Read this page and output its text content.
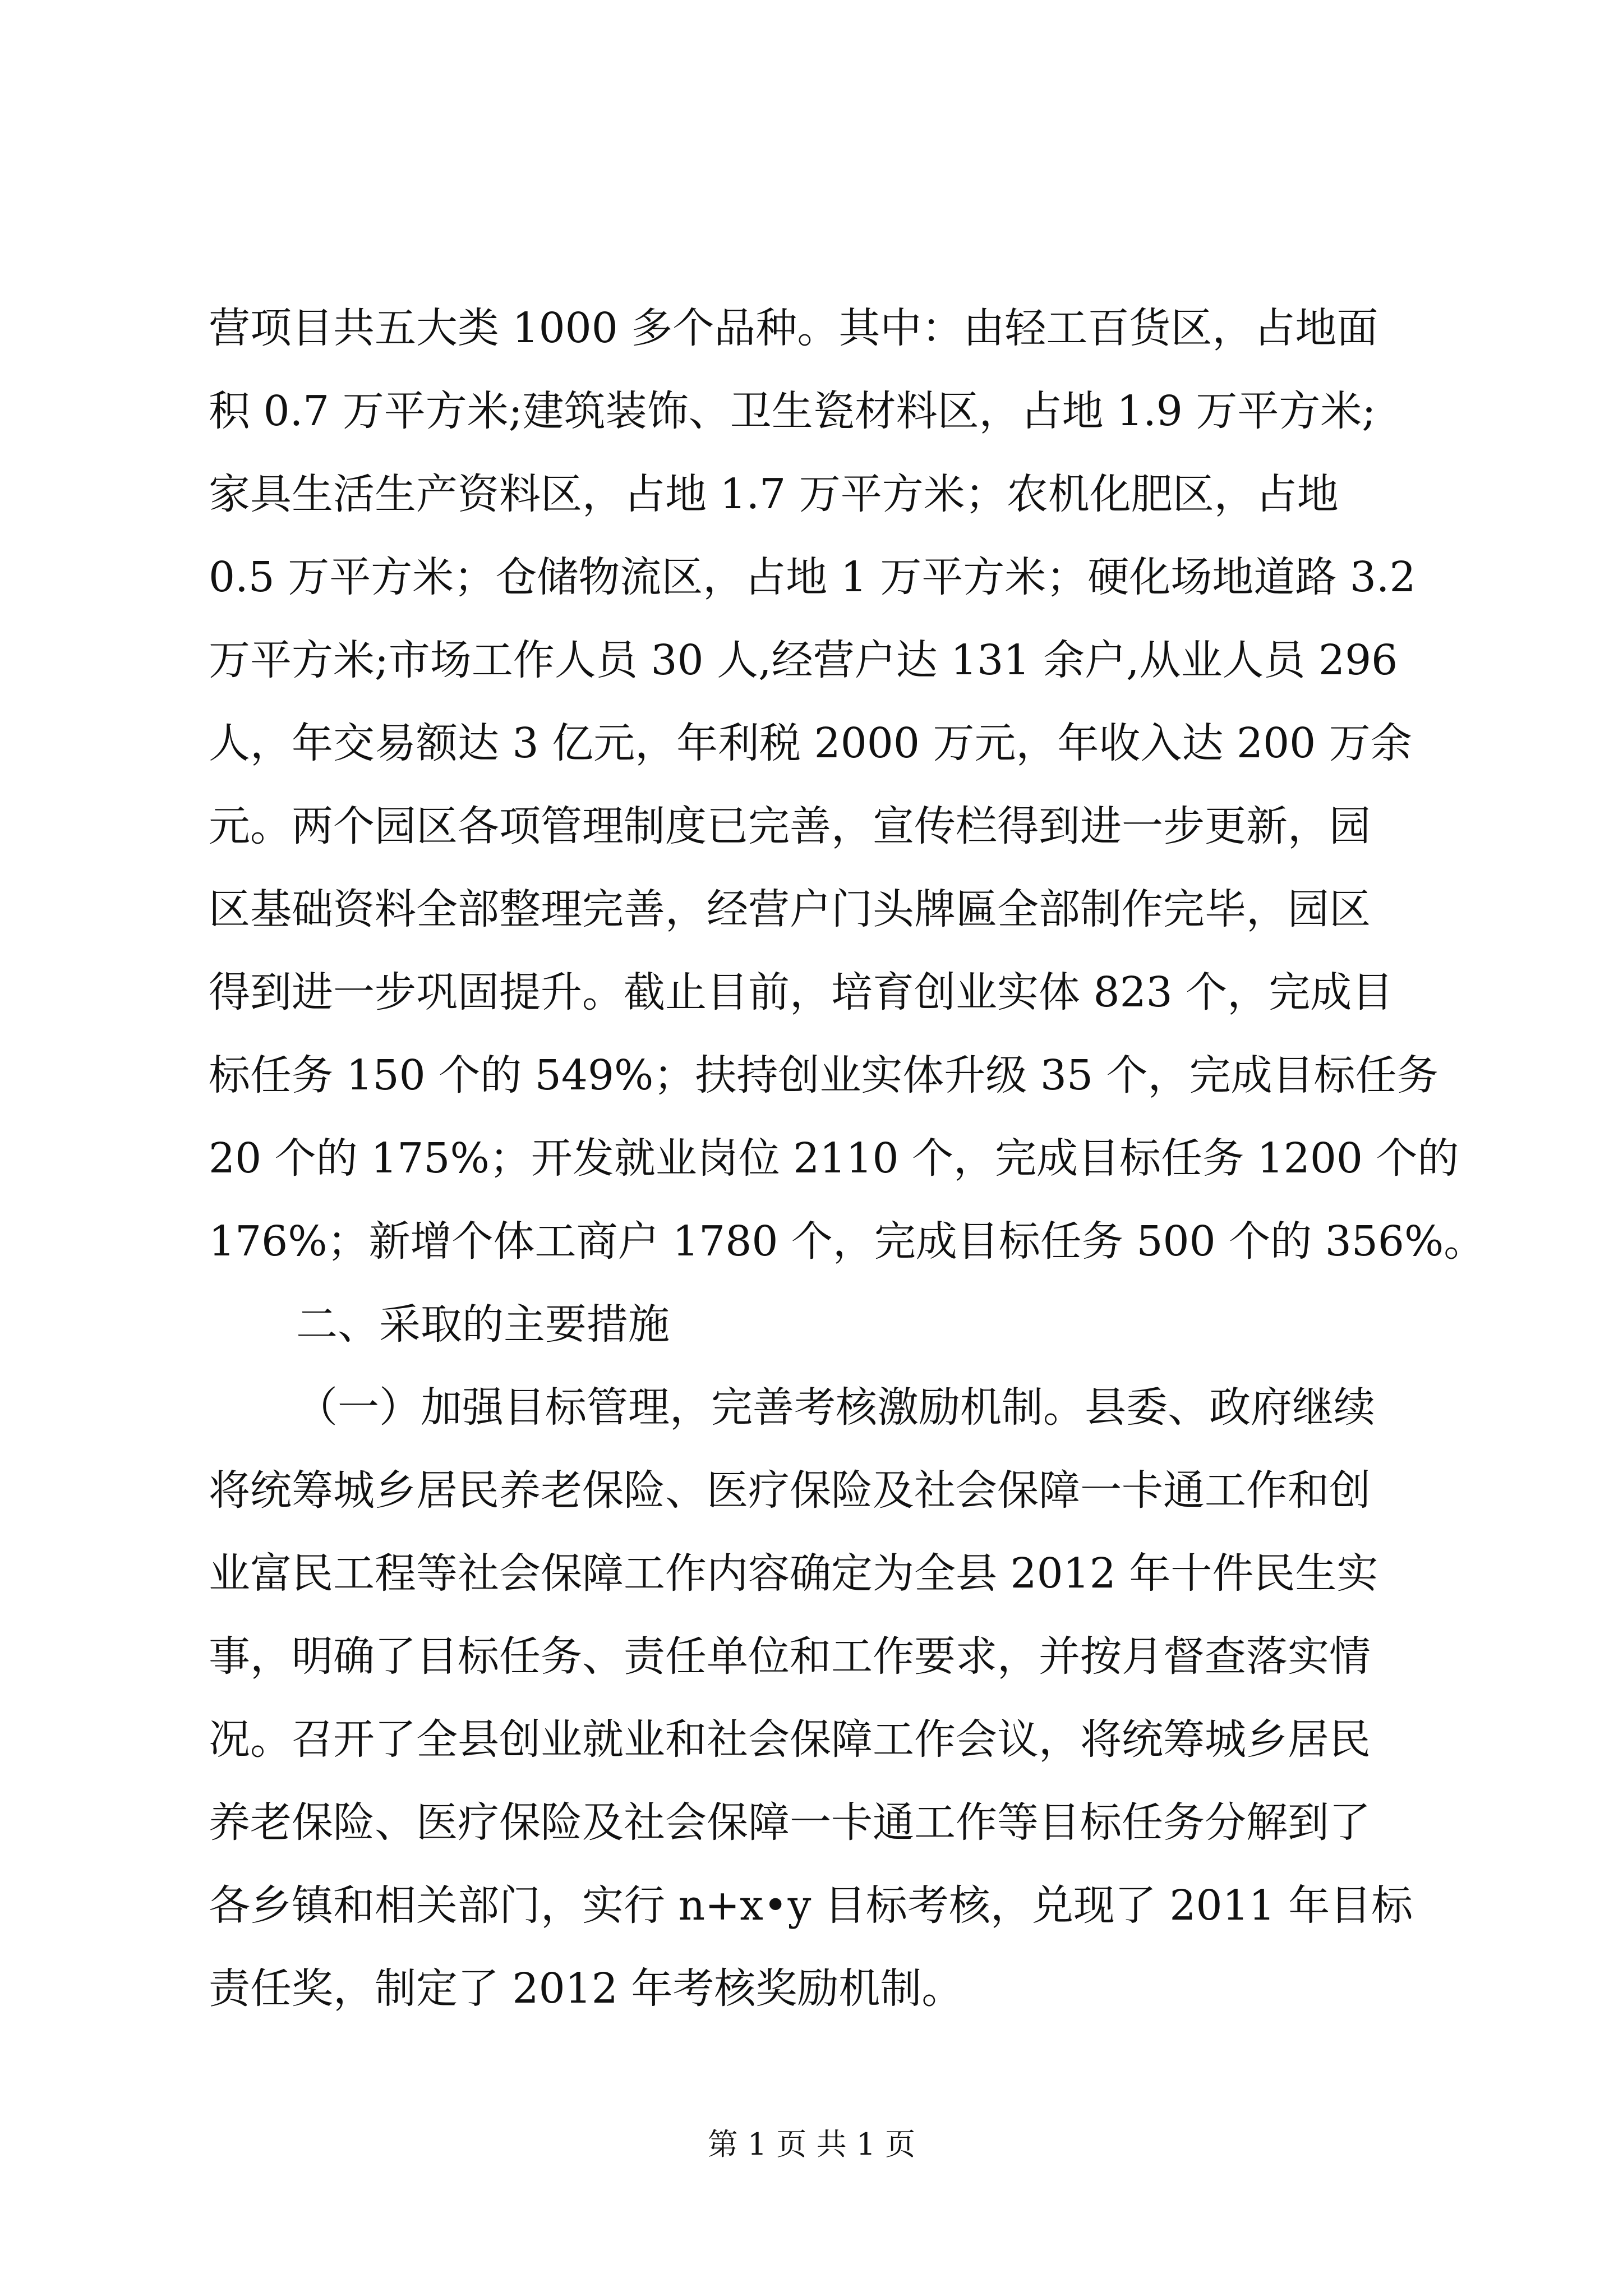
营项目共五大类 1000 多个品种。其中：由轻工百货区，占地面
积 0.7 万平方米;建筑装饰、卫生瓷材料区，占地 1.9 万平方米;
家具生活生产资料区，占地 1.7 万平方米；农机化肥区，占地
0.5 万平方米；仓储物流区，占地 1 万平方米；硬化场地道路 3.2
万平方米;市场工作人员 30 人,经营户达 131 余户,从业人员 296
人，年交易额达 3 亿元，年利税 2000 万元，年收入达 200 万余
元。两个园区各项管理制度已完善，宣传栏得到进一步更新，园
区基础资料全部整理完善，经营户门头牌匾全部制作完毕，园区
得到进一步巩固提升。截止目前，培育创业实体 823 个，完成目
标任务 150 个的 549%；扶持创业实体升级 35 个，完成目标任务
20 个的 175%；开发就业岗位 2110 个，完成目标任务 1200 个的
176%；新增个体工商户 1780 个，完成目标任务 500 个的 356%。
二、采取的主要措施
（一）加强目标管理，完善考核激励机制。县委、政府继续
将统筹城乡居民养老保险、医疗保险及社会保障一卡通工作和创
业富民工程等社会保障工作内容确定为全县 2012 年十件民生实
事，明确了目标任务、责任单位和工作要求，并按月督查落实情
况。召开了全县创业就业和社会保障工作会议，将统筹城乡居民
养老保险、医疗保险及社会保障一卡通工作等目标任务分解到了
各乡镇和相关部门，实行 n+x•y 目标考核，兑现了 2011 年目标
责任奖，制定了 2012 年考核奖励机制。
第 1 页 共 1 页
